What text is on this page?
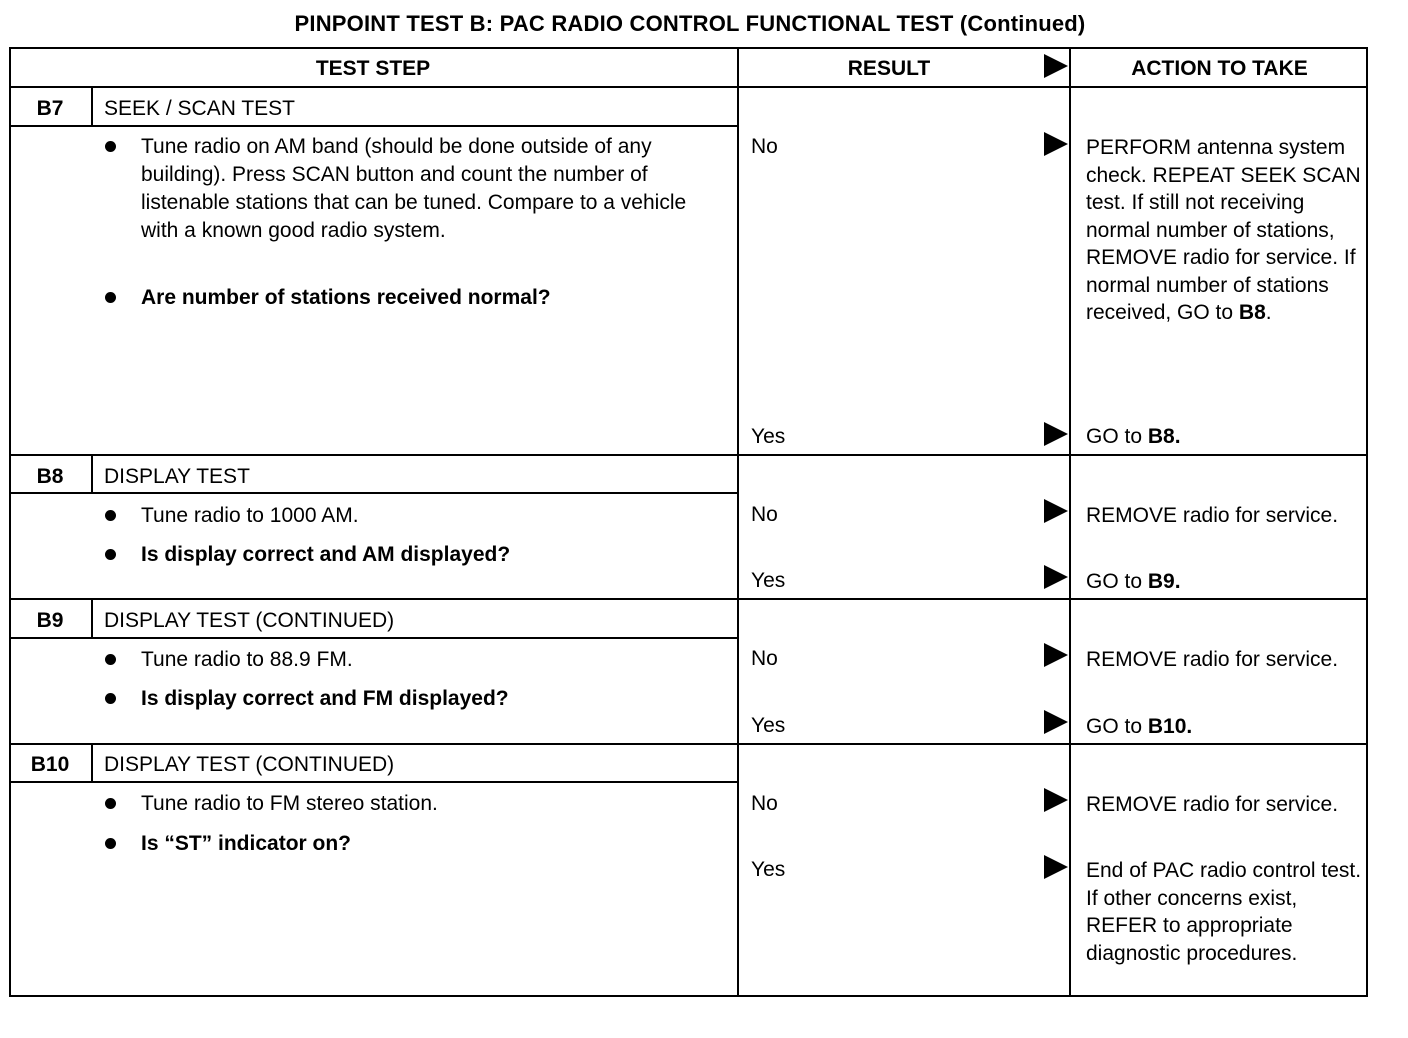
PINPOINT TEST B: PAC RADIO CONTROL FUNCTIONAL TEST (Continued)
TEST STEP	RESULT	ACTION TO TAKE
B7	SEEK / SCAN TEST
Tune radio on AM band (should be done outside of any building). Press SCAN button and count the number of listenable stations that can be tuned. Compare to a vehicle with a known good radio system.
Are number of stations received normal?
No	PERFORM antenna system check. REPEAT SEEK SCAN test. If still not receiving normal number of stations, REMOVE radio for service. If normal number of stations received, GO to B8.
Yes	GO to B8.
B8	DISPLAY TEST
Tune radio to 1000 AM.
Is display correct and AM displayed?
No	REMOVE radio for service.
Yes	GO to B9.
B9	DISPLAY TEST (CONTINUED)
Tune radio to 88.9 FM.
Is display correct and FM displayed?
No	REMOVE radio for service.
Yes	GO to B10.
B10	DISPLAY TEST (CONTINUED)
Tune radio to FM stereo station.
Is “ST” indicator on?
No	REMOVE radio for service.
Yes	End of PAC radio control test. If other concerns exist, REFER to appropriate diagnostic procedures.
